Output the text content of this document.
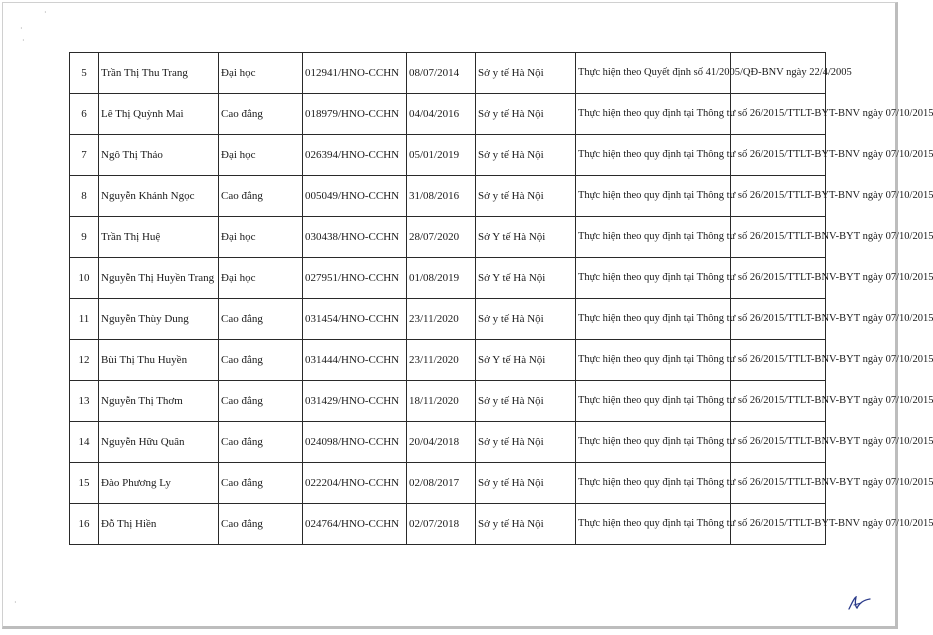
·
·
·
·
5	Trần Thị Thu Trang	Đại học	012941/HNO-CCHN	08/07/2014	Sở y tế Hà Nội	Thực hiện theo Quyết định số 41/2005/QĐ-BNV ngày 22/4/2005	
6	Lê Thị Quỳnh Mai	Cao đẳng	018979/HNO-CCHN	04/04/2016	Sở y tế Hà Nội	Thực hiện theo quy định tại Thông tư số 26/2015/TTLT-BYT-BNV ngày 07/10/2015	
7	Ngô Thị Thảo	Đại học	026394/HNO-CCHN	05/01/2019	Sở y tế Hà Nội	Thực hiện theo quy định tại Thông tư số 26/2015/TTLT-BYT-BNV ngày 07/10/2015	
8	Nguyễn Khánh Ngọc	Cao đẳng	005049/HNO-CCHN	31/08/2016	Sở y tế Hà Nội	Thực hiện theo quy định tại Thông tư số 26/2015/TTLT-BYT-BNV ngày 07/10/2015	
9	Trần Thị Huệ	Đại học	030438/HNO-CCHN	28/07/2020	Sở Y tế Hà Nội	Thực hiện theo quy định tại Thông tư số 26/2015/TTLT-BNV-BYT ngày 07/10/2015	
10	Nguyễn Thị Huyền Trang	Đại học	027951/HNO-CCHN	01/08/2019	Sở Y tế Hà Nội	Thực hiện theo quy định tại Thông tư số 26/2015/TTLT-BNV-BYT ngày 07/10/2015	
11	Nguyễn Thùy Dung	Cao đẳng	031454/HNO-CCHN	23/11/2020	Sở y tế Hà Nội	Thực hiện theo quy định tại Thông tư số 26/2015/TTLT-BNV-BYT ngày 07/10/2015	
12	Bùi Thị Thu Huyền	Cao đẳng	031444/HNO-CCHN	23/11/2020	Sở Y tế Hà Nội	Thực hiện theo quy định tại Thông tư số 26/2015/TTLT-BNV-BYT ngày 07/10/2015	
13	Nguyễn Thị Thơm	Cao đẳng	031429/HNO-CCHN	18/11/2020	Sở y tế Hà Nội	Thực hiện theo quy định tại Thông tư số 26/2015/TTLT-BNV-BYT ngày 07/10/2015	
14	Nguyễn Hữu Quân	Cao đẳng	024098/HNO-CCHN	20/04/2018	Sở y tế Hà Nội	Thực hiện theo quy định tại Thông tư số 26/2015/TTLT-BNV-BYT ngày 07/10/2015	
15	Đào Phương Ly	Cao đẳng	022204/HNO-CCHN	02/08/2017	Sở y tế Hà Nội	Thực hiện theo quy định tại Thông tư số 26/2015/TTLT-BNV-BYT ngày 07/10/2015	
16	Đỗ Thị Hiền	Cao đẳng	024764/HNO-CCHN	02/07/2018	Sở y tế Hà Nội	Thực hiện theo quy định tại Thông tư số 26/2015/TTLT-BYT-BNV ngày 07/10/2015	
